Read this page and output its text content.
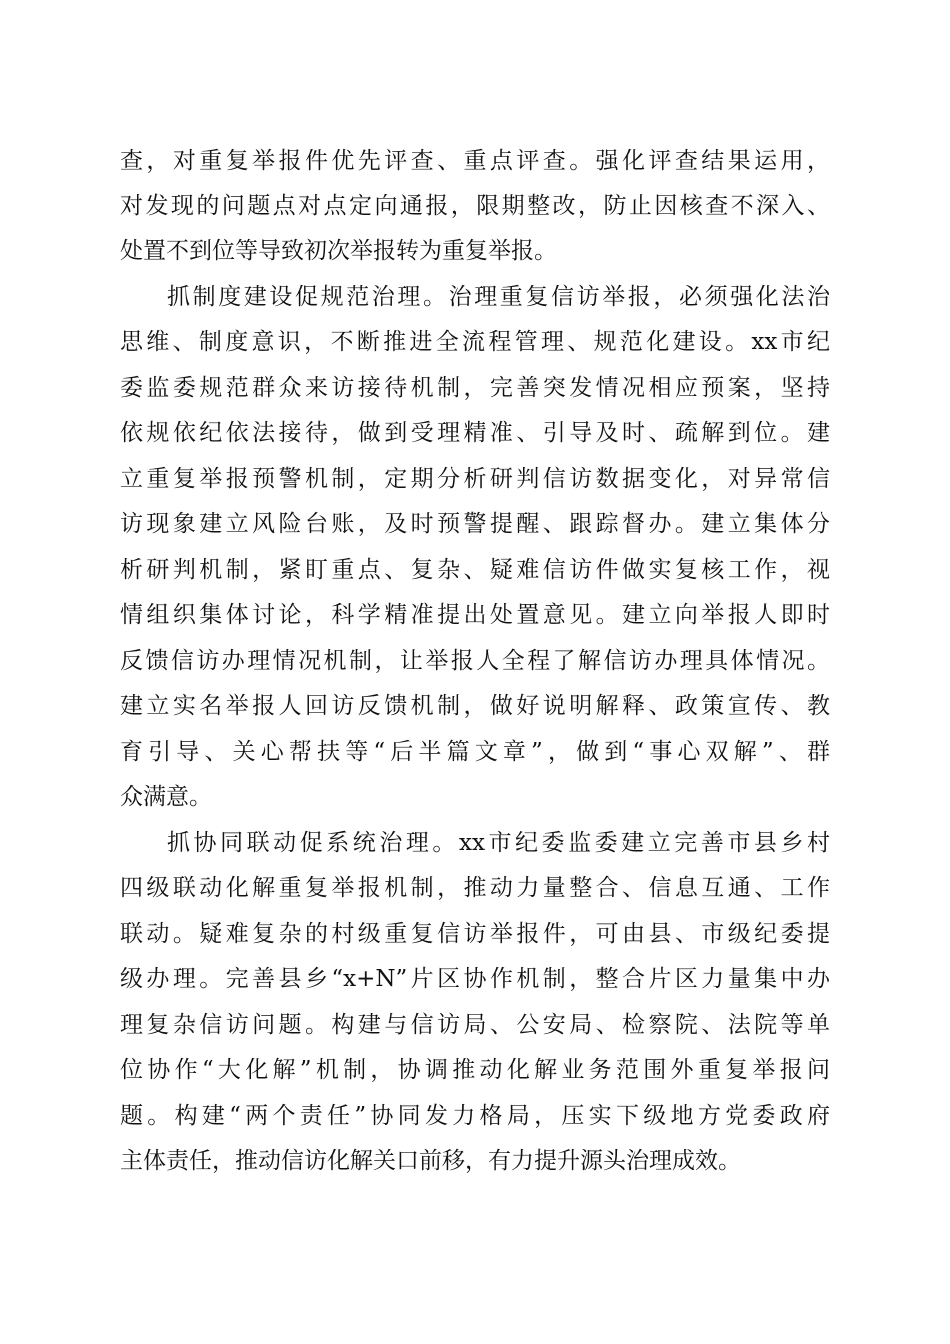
查，对重复举报件优先评查、重点评查。强化评查结果运用，
对发现的问题点对点定向通报，限期整改，防止因核查不深入、
处置不到位等导致初次举报转为重复举报。
抓制度建设促规范治理。治理重复信访举报，必须强化法治
思维、制度意识，不断推进全流程管理、规范化建设。xx市纪
委监委规范群众来访接待机制，完善突发情况相应预案，坚持
依规依纪依法接待，做到受理精准、引导及时、疏解到位。建
立重复举报预警机制，定期分析研判信访数据变化，对异常信
访现象建立风险台账，及时预警提醒、跟踪督办。建立集体分
析研判机制，紧盯重点、复杂、疑难信访件做实复核工作，视
情组织集体讨论，科学精准提出处置意见。建立向举报人即时
反馈信访办理情况机制，让举报人全程了解信访办理具体情况。
建立实名举报人回访反馈机制，做好说明解释、政策宣传、教
育引导、关心帮扶等“后半篇文章”，做到“事心双解”、群
众满意。
抓协同联动促系统治理。xx市纪委监委建立完善市县乡村
四级联动化解重复举报机制，推动力量整合、信息互通、工作
联动。疑难复杂的村级重复信访举报件，可由县、市级纪委提
级办理。完善县乡“x+N”片区协作机制，整合片区力量集中办
理复杂信访问题。构建与信访局、公安局、检察院、法院等单
位协作“大化解”机制，协调推动化解业务范围外重复举报问
题。构建“两个责任”协同发力格局，压实下级地方党委政府
主体责任，推动信访化解关口前移，有力提升源头治理成效。
